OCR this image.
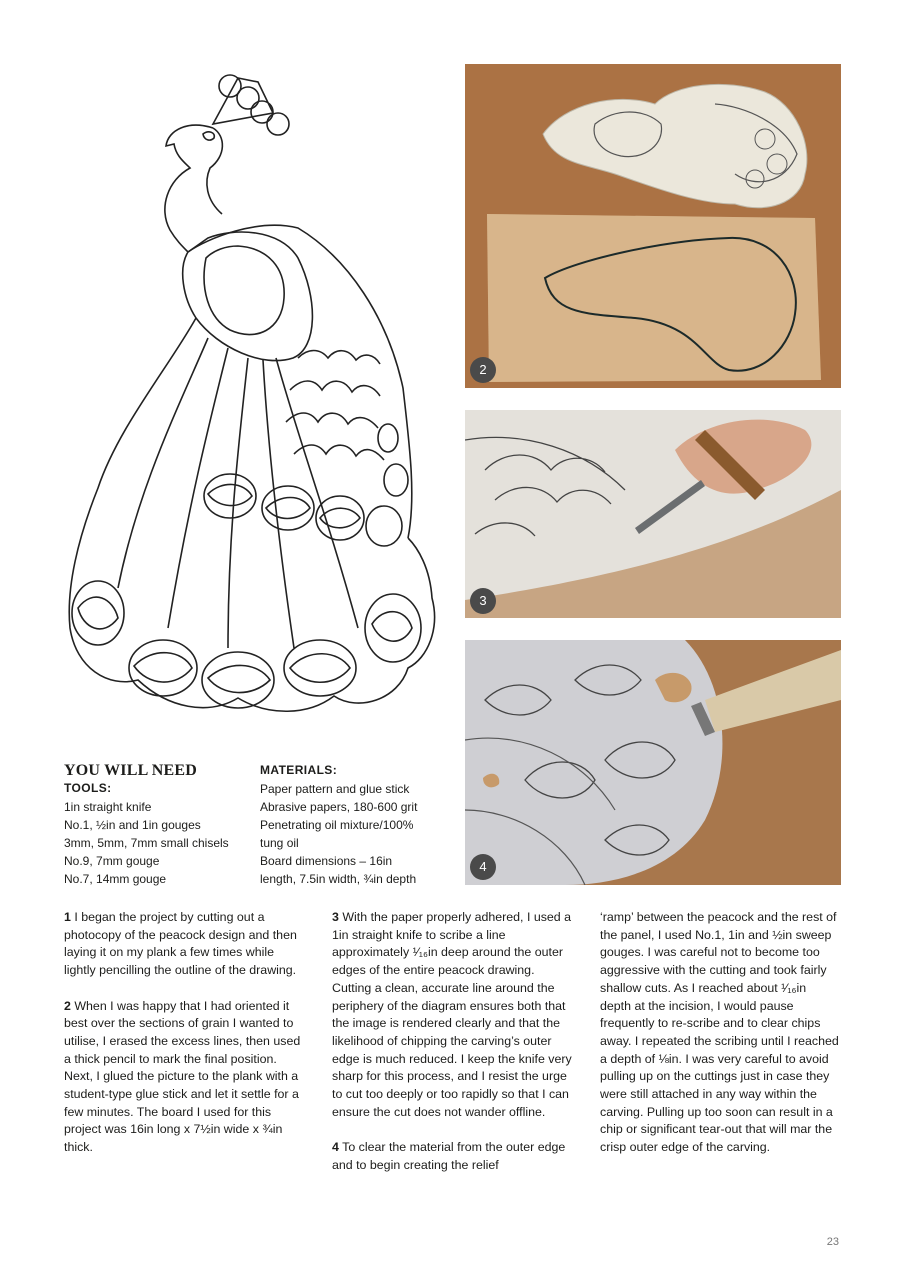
2
3
4
YOU WILL NEED
TOOLS:
1in straight knife
No.1, ½in and 1in gouges
3mm, 5mm, 7mm small chisels
No.9, 7mm gouge
No.7, 14mm gouge
MATERIALS:
Paper pattern and glue stick
Abrasive papers, 180-600 grit
Penetrating oil mixture/100%
tung oil
Board dimensions – 16in
length, 7.5in width, ¾in depth

1 I began the project by cutting out a photocopy of the peacock design and then laying it on my plank a few times while lightly pencilling the outline of the drawing.

2 When I was happy that I had oriented it best over the sections of grain I wanted to utilise, I erased the excess lines, then used a thick pencil to mark the final position. Next, I glued the picture to the plank with a student-type glue stick and let it settle for a few minutes. The board I used for this project was 16in long x 7½in wide x ¾in thick.

3 With the paper properly adhered, I used a 1in straight knife to scribe a line approximately ¹⁄₁₆in deep around the outer edges of the entire peacock drawing. Cutting a clean, accurate line around the periphery of the diagram ensures both that the image is rendered clearly and that the likelihood of chipping the carving’s outer edge is much reduced. I keep the knife very sharp for this process, and I resist the urge to cut too deeply or too rapidly so that I can ensure the cut does not wander offline.

4 To clear the material from the outer edge and to begin creating the relief

‘ramp’ between the peacock and the rest of the panel, I used No.1, 1in and ½in sweep gouges. I was careful not to become too aggressive with the cutting and took fairly shallow cuts. As I reached about ¹⁄₁₆in depth at the incision, I would pause frequently to re-scribe and to clear chips away. I repeated the scribing until I reached a depth of ⅛in. I was very careful to avoid pulling up on the cuttings just in case they were still attached in any way within the carving. Pulling up too soon can result in a chip or significant tear-out that will mar the crisp outer edge of the carving.

23
